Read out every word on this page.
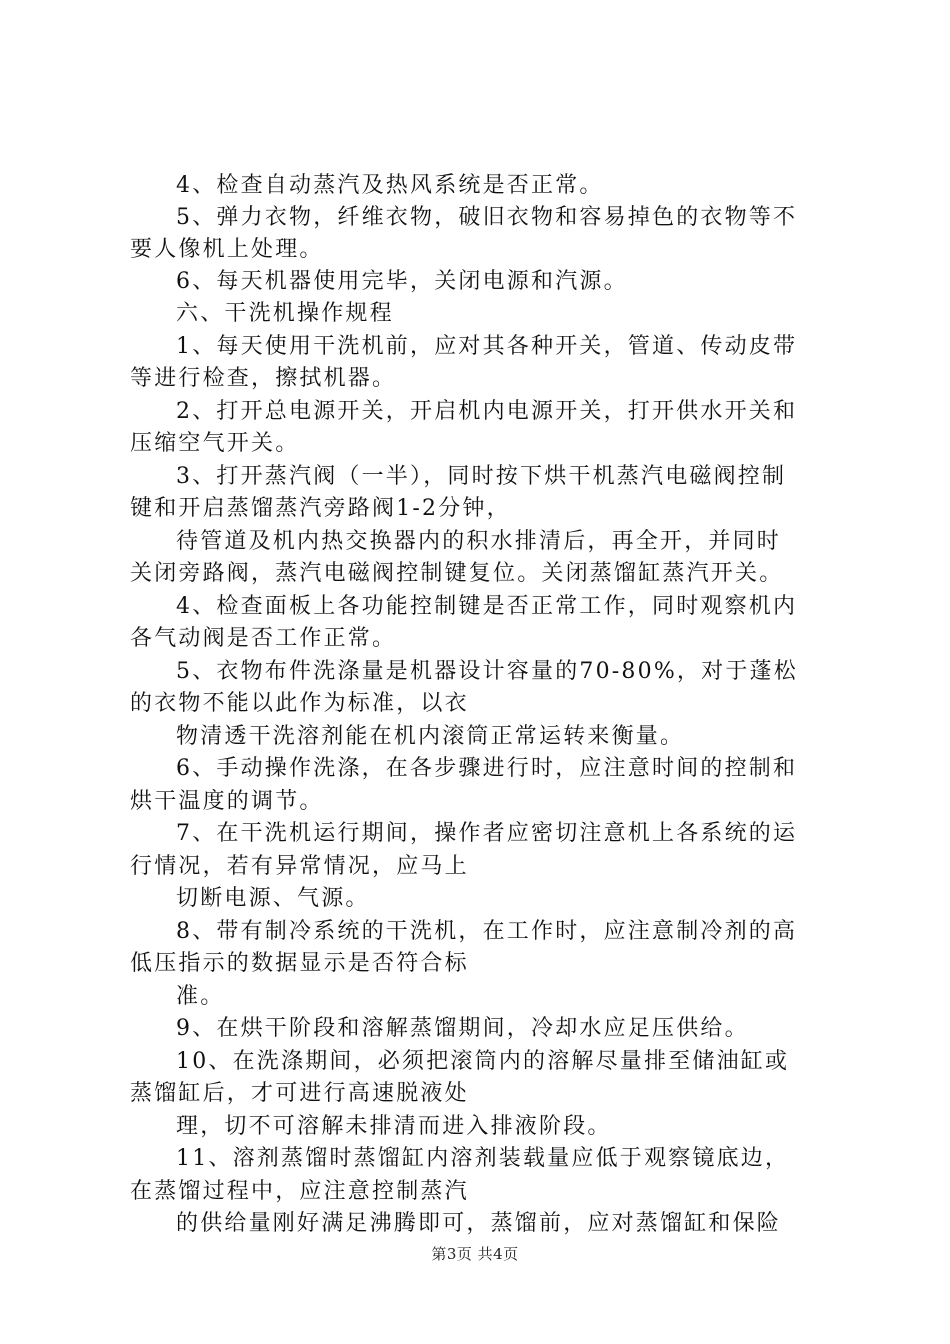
4、检查自动蒸汽及热风系统是否正常。
5、弹力衣物，纤维衣物，破旧衣物和容易掉色的衣物等不
要人像机上处理。
6、每天机器使用完毕，关闭电源和汽源。
六、干洗机操作规程
1、每天使用干洗机前，应对其各种开关，管道、传动皮带
等进行检查，擦拭机器。
2、打开总电源开关，开启机内电源开关，打开供水开关和
压缩空气开关。
3、打开蒸汽阀（一半），同时按下烘干机蒸汽电磁阀控制
键和开启蒸馏蒸汽旁路阀1-2分钟，
待管道及机内热交换器内的积水排清后，再全开，并同时
关闭旁路阀，蒸汽电磁阀控制键复位。关闭蒸馏缸蒸汽开关。
4、检查面板上各功能控制键是否正常工作，同时观察机内
各气动阀是否工作正常。
5、衣物布件洗涤量是机器设计容量的70-80%，对于蓬松
的衣物不能以此作为标准，以衣
物清透干洗溶剂能在机内滚筒正常运转来衡量。
6、手动操作洗涤，在各步骤进行时，应注意时间的控制和
烘干温度的调节。
7、在干洗机运行期间，操作者应密切注意机上各系统的运
行情况，若有异常情况，应马上
切断电源、气源。
8、带有制冷系统的干洗机，在工作时，应注意制冷剂的高
低压指示的数据显示是否符合标
准。
9、在烘干阶段和溶解蒸馏期间，冷却水应足压供给。
10、在洗涤期间，必须把滚筒内的溶解尽量排至储油缸或
蒸馏缸后，才可进行高速脱液处
理，切不可溶解未排清而进入排液阶段。
11、溶剂蒸馏时蒸馏缸内溶剂装载量应低于观察镜底边，
在蒸馏过程中，应注意控制蒸汽
的供给量刚好满足沸腾即可，蒸馏前，应对蒸馏缸和保险
第3页 共4页
